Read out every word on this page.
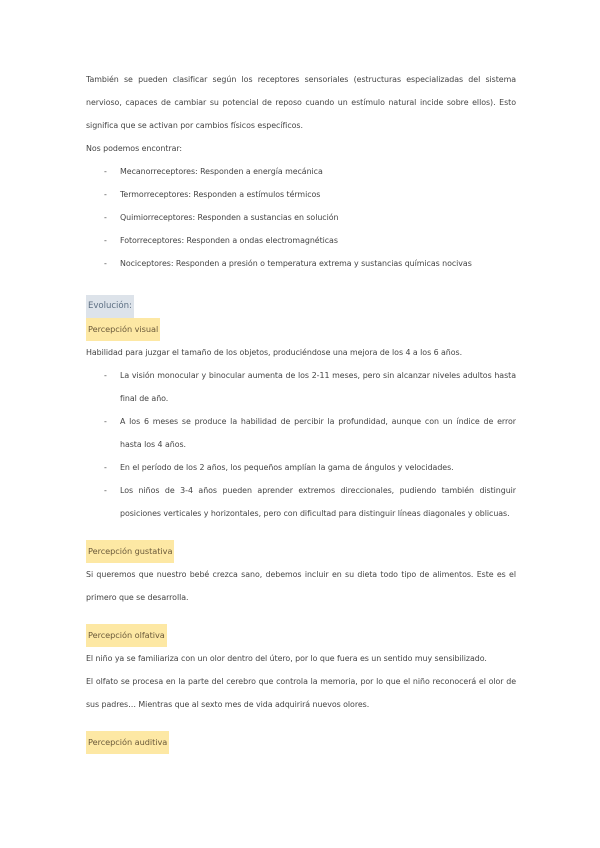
También se pueden clasificar según los receptores sensoriales (estructuras especializadas del sistema nervioso, capaces de cambiar su potencial de reposo cuando un estímulo natural incide sobre ellos). Esto significa que se activan por cambios físicos específicos.

Nos podemos encontrar:

- Mecanorreceptores: Responden a energía mecánica
- Termorreceptores: Responden a estímulos térmicos
- Quimiorreceptores: Responden a sustancias en solución
- Fotorreceptores: Responden a ondas electromagnéticas
- Nociceptores: Responden a presión o temperatura extrema y sustancias químicas nocivas
Evolución:
Percepción visual

Habilidad para juzgar el tamaño de los objetos, produciéndose una mejora de los 4 a los 6 años.

- La visión monocular y binocular aumenta de los 2-11 meses, pero sin alcanzar niveles adultos hasta final de año.
- A los 6 meses se produce la habilidad de percibir la profundidad, aunque con un índice de error hasta los 4 años.
- En el período de los 2 años, los pequeños amplían la gama de ángulos y velocidades.
- Los niños de 3-4 años pueden aprender extremos direccionales, pudiendo también distinguir posiciones verticales y horizontales, pero con dificultad para distinguir líneas diagonales y oblicuas.
Percepción gustativa

Si queremos que nuestro bebé crezca sano, debemos incluir en su dieta todo tipo de alimentos. Este es el primero que se desarrolla.

Percepción olfativa

El niño ya se familiariza con un olor dentro del útero, por lo que fuera es un sentido muy sensibilizado.

El olfato se procesa en la parte del cerebro que controla la memoria, por lo que el niño reconocerá el olor de sus padres… Mientras que al sexto mes de vida adquirirá nuevos olores.

Percepción auditiva
